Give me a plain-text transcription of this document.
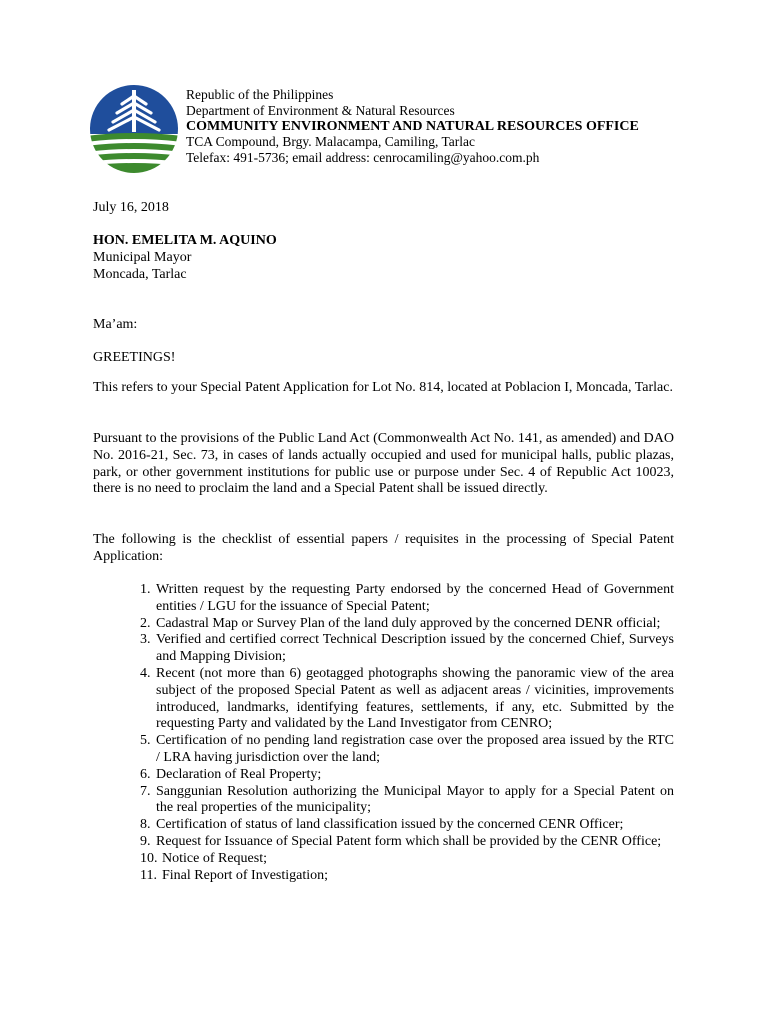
Republic of the Philippines
Department of Environment & Natural Resources
COMMUNITY ENVIRONMENT AND NATURAL RESOURCES OFFICE
TCA Compound, Brgy. Malacampa, Camiling, Tarlac
Telefax: 491-5736; email address: cenrocamiling@yahoo.com.ph
July 16, 2018
HON. EMELITA M. AQUINO
Municipal Mayor
Moncada, Tarlac
Ma’am:
GREETINGS!
This refers to your Special Patent Application for Lot No. 814, located at Poblacion I, Moncada, Tarlac.
Pursuant to the provisions of the Public Land Act (Commonwealth Act No. 141, as amended) and DAO No. 2016-21, Sec. 73, in cases of lands actually occupied and used for municipal halls, public plazas, park, or other government institutions for public use or purpose under Sec. 4 of Republic Act 10023, there is no need to proclaim the land and a Special Patent shall be issued directly.
The following is the checklist of essential papers / requisites in the processing of Special Patent Application:
1. Written request by the requesting Party endorsed by the concerned Head of Government entities / LGU for the issuance of Special Patent;
2. Cadastral Map or Survey Plan of the land duly approved by the concerned DENR official;
3. Verified and certified correct Technical Description issued by the concerned Chief, Surveys and Mapping Division;
4. Recent (not more than 6) geotagged photographs showing the panoramic view of the area subject of the proposed Special Patent as well as adjacent areas / vicinities, improvements introduced, landmarks, identifying features, settlements, if any, etc. Submitted by the requesting Party and validated by the Land Investigator from CENRO;
5. Certification of no pending land registration case over the proposed area issued by the RTC / LRA having jurisdiction over the land;
6. Declaration of Real Property;
7. Sanggunian Resolution authorizing the Municipal Mayor to apply for a Special Patent on the real properties of the municipality;
8. Certification of status of land classification issued by the concerned CENR Officer;
9. Request for Issuance of Special Patent form which shall be provided by the CENR Office;
10. Notice of Request;
11. Final Report of Investigation;
